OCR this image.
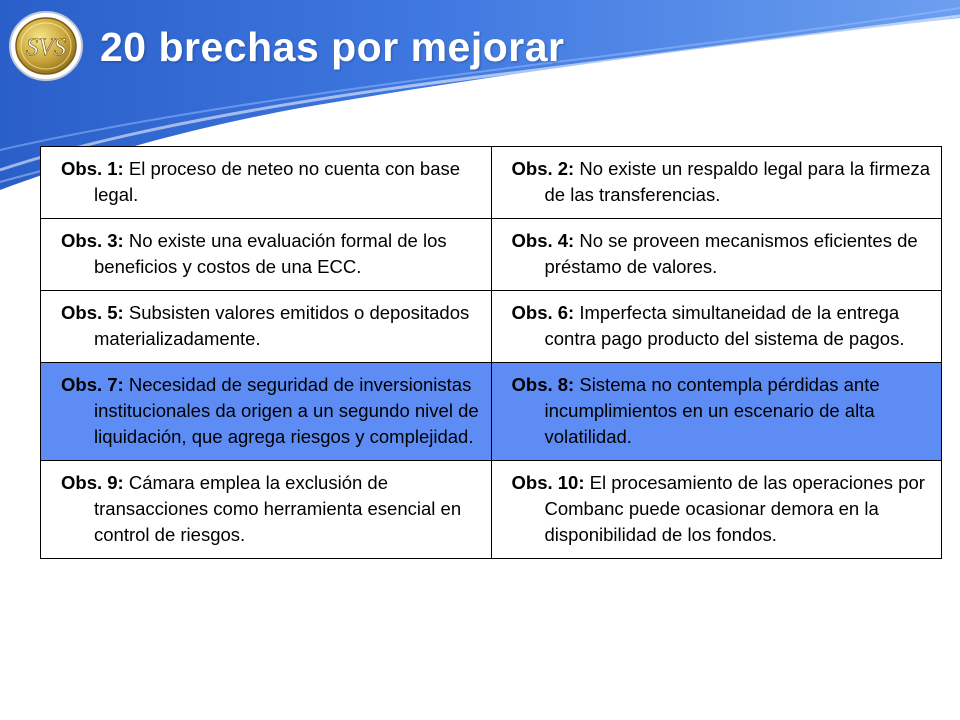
SVS 20 brechas por mejorar
Obs. 1: El proceso de neteo no cuenta con base legal.	Obs. 2: No existe un respaldo legal para la firmeza de las transferencias.

Obs. 3: No existe una evaluación formal de los beneficios y costos de una ECC.	Obs. 4: No se proveen mecanismos eficientes de préstamo de valores.

Obs. 5: Subsisten valores emitidos o depositados materializadamente.	Obs. 6: Imperfecta simultaneidad de la entrega contra pago producto del sistema de pagos.

Obs. 7: Necesidad de seguridad de inversionistas institucionales da origen a un segundo nivel de liquidación, que agrega riesgos y complejidad.	Obs. 8: Sistema no contempla pérdidas ante incumplimientos en un escenario de alta volatilidad.

Obs. 9: Cámara emplea la exclusión de transacciones como herramienta esencial en control de riesgos.	Obs. 10: El procesamiento de las operaciones por Combanc puede ocasionar demora en la disponibilidad de los fondos.
